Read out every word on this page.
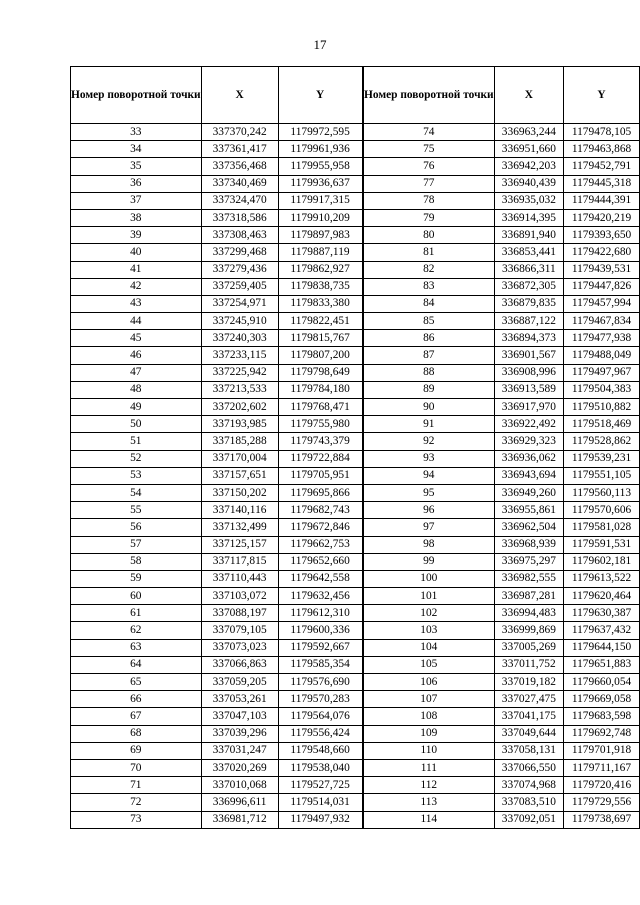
17
Номер поворотной точки	X	Y
33	337370,242	1179972,595
34	337361,417	1179961,936
35	337356,468	1179955,958
36	337340,469	1179936,637
37	337324,470	1179917,315
38	337318,586	1179910,209
39	337308,463	1179897,983
40	337299,468	1179887,119
41	337279,436	1179862,927
42	337259,405	1179838,735
43	337254,971	1179833,380
44	337245,910	1179822,451
45	337240,303	1179815,767
46	337233,115	1179807,200
47	337225,942	1179798,649
48	337213,533	1179784,180
49	337202,602	1179768,471
50	337193,985	1179755,980
51	337185,288	1179743,379
52	337170,004	1179722,884
53	337157,651	1179705,951
54	337150,202	1179695,866
55	337140,116	1179682,743
56	337132,499	1179672,846
57	337125,157	1179662,753
58	337117,815	1179652,660
59	337110,443	1179642,558
60	337103,072	1179632,456
61	337088,197	1179612,310
62	337079,105	1179600,336
63	337073,023	1179592,667
64	337066,863	1179585,354
65	337059,205	1179576,690
66	337053,261	1179570,283
67	337047,103	1179564,076
68	337039,296	1179556,424
69	337031,247	1179548,660
70	337020,269	1179538,040
71	337010,068	1179527,725
72	336996,611	1179514,031
73	336981,712	1179497,932
Номер поворотной точки	X	Y
74	336963,244	1179478,105
75	336951,660	1179463,868
76	336942,203	1179452,791
77	336940,439	1179445,318
78	336935,032	1179444,391
79	336914,395	1179420,219
80	336891,940	1179393,650
81	336853,441	1179422,680
82	336866,311	1179439,531
83	336872,305	1179447,826
84	336879,835	1179457,994
85	336887,122	1179467,834
86	336894,373	1179477,938
87	336901,567	1179488,049
88	336908,996	1179497,967
89	336913,589	1179504,383
90	336917,970	1179510,882
91	336922,492	1179518,469
92	336929,323	1179528,862
93	336936,062	1179539,231
94	336943,694	1179551,105
95	336949,260	1179560,113
96	336955,861	1179570,606
97	336962,504	1179581,028
98	336968,939	1179591,531
99	336975,297	1179602,181
100	336982,555	1179613,522
101	336987,281	1179620,464
102	336994,483	1179630,387
103	336999,869	1179637,432
104	337005,269	1179644,150
105	337011,752	1179651,883
106	337019,182	1179660,054
107	337027,475	1179669,058
108	337041,175	1179683,598
109	337049,644	1179692,748
110	337058,131	1179701,918
111	337066,550	1179711,167
112	337074,968	1179720,416
113	337083,510	1179729,556
114	337092,051	1179738,697
